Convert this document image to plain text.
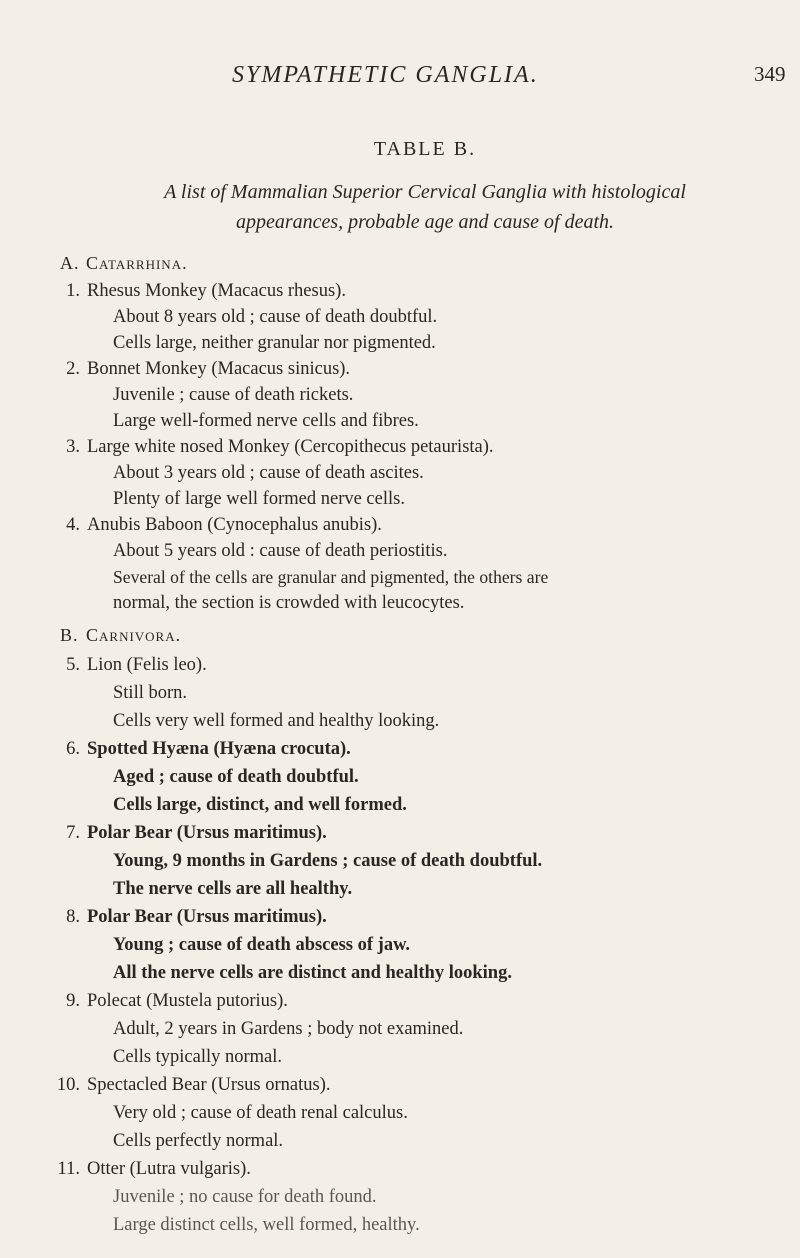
SYMPATHETIC GANGLIA.	349
TABLE B.
A list of Mammalian Superior Cervical Ganglia with histological
appearances, probable age and cause of death.
A. Catarrhina.
1. Rhesus Monkey (Macacus rhesus).
About 8 years old ; cause of death doubtful.
Cells large, neither granular nor pigmented.
2. Bonnet Monkey (Macacus sinicus).
Juvenile ; cause of death rickets.
Large well-formed nerve cells and fibres.
3. Large white nosed Monkey (Cercopithecus petaurista).
About 3 years old ; cause of death ascites.
Plenty of large well formed nerve cells.
4. Anubis Baboon (Cynocephalus anubis).
About 5 years old : cause of death periostitis.
Several of the cells are granular and pigmented, the others are
normal, the section is crowded with leucocytes.
B. Carnivora.
5. Lion (Felis leo).
Still born.
Cells very well formed and healthy looking.
6. Spotted Hyæna (Hyæna crocuta).
Aged ; cause of death doubtful.
Cells large, distinct, and well formed.
7. Polar Bear (Ursus maritimus).
Young, 9 months in Gardens ; cause of death doubtful.
The nerve cells are all healthy.
8. Polar Bear (Ursus maritimus).
Young ; cause of death abscess of jaw.
All the nerve cells are distinct and healthy looking.
9. Polecat (Mustela putorius).
Adult, 2 years in Gardens ; body not examined.
Cells typically normal.
10. Spectacled Bear (Ursus ornatus).
Very old ; cause of death renal calculus.
Cells perfectly normal.
11. Otter (Lutra vulgaris).
Juvenile ; no cause for death found.
Large distinct cells, well formed, healthy.
